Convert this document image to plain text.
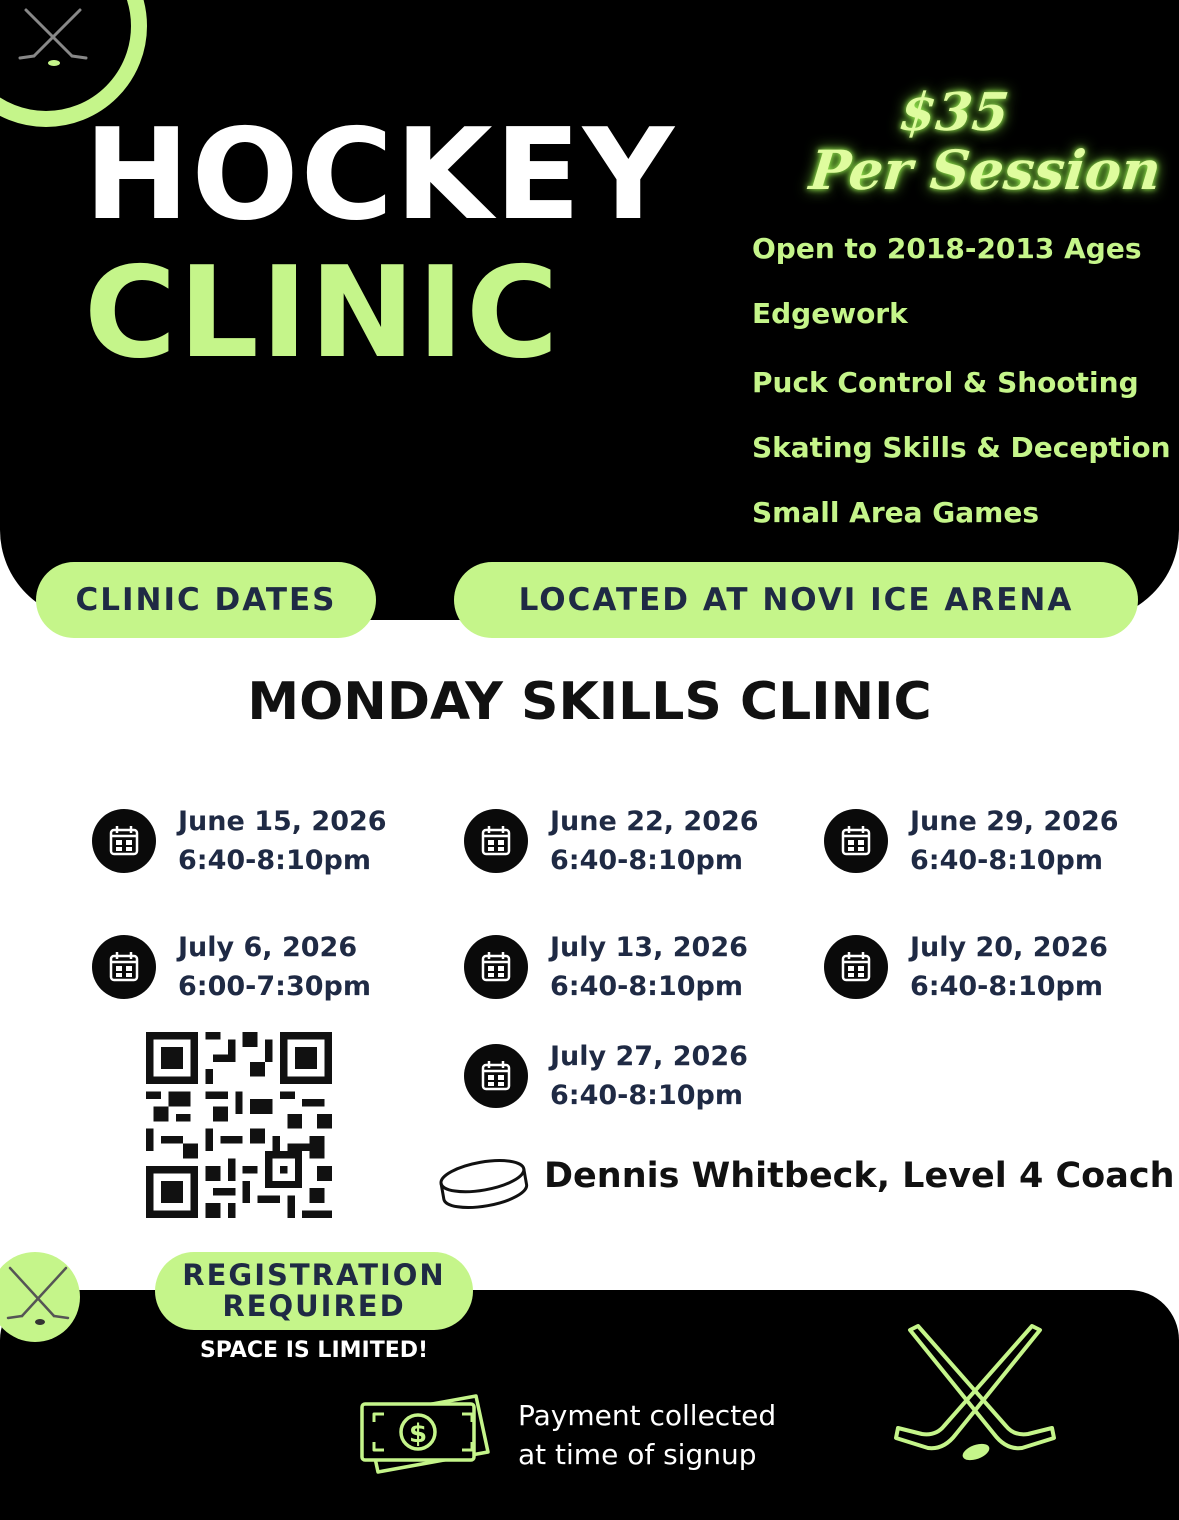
HOCKEY
CLINIC
$35
Per Session
Open to 2018-2013 Ages
Edgework
Puck Control & Shooting
Skating Skills & Deception
Small Area Games
CLINIC DATES	LOCATED AT NOVI ICE ARENA
MONDAY SKILLS CLINIC
June 15, 2026
6:40-8:10pm
June 22, 2026
6:40-8:10pm
June 29, 2026
6:40-8:10pm
July 6, 2026
6:00-7:30pm
July 13, 2026
6:40-8:10pm
July 20, 2026
6:40-8:10pm
July 27, 2026
6:40-8:10pm
Dennis Whitbeck, Level 4 Coach
REGISTRATION
REQUIRED
SPACE IS LIMITED!
$
Payment collected
at time of signup
